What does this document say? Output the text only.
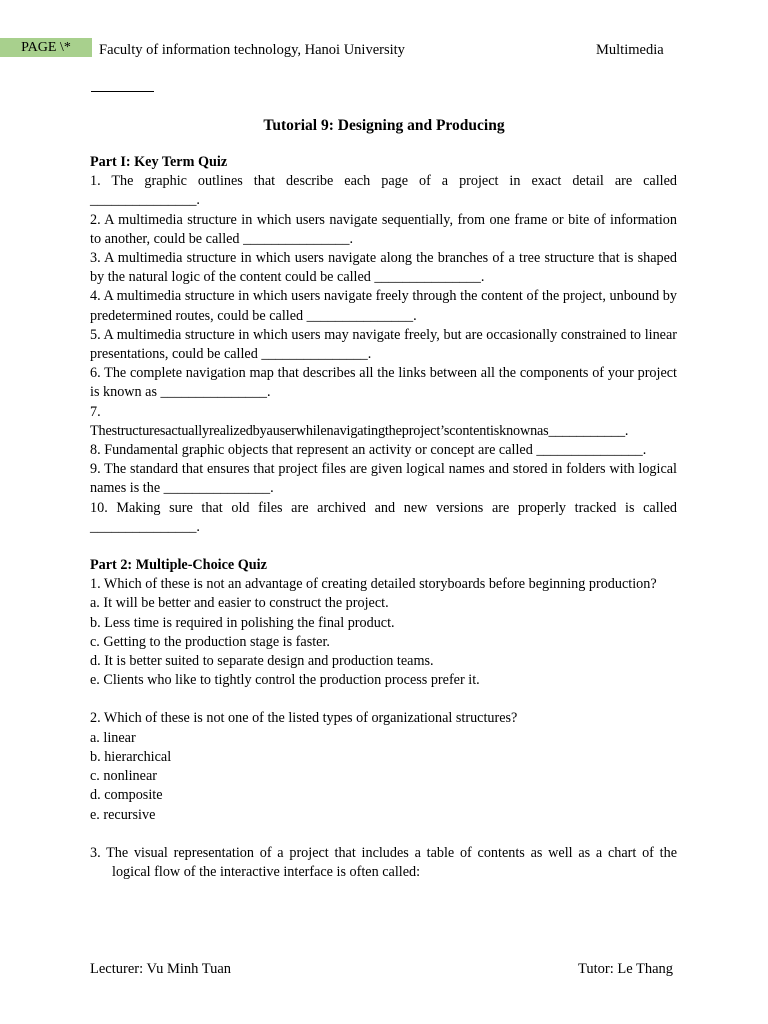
PAGE \*	Faculty of information technology, Hanoi University	Multimedia
Tutorial 9: Designing and Producing

Part I: Key Term Quiz

1. The graphic outlines that describe each page of a project in exact detail are called _______________.

2. A multimedia structure in which users navigate sequentially, from one frame or bite of information to another, could be called _______________.

3. A multimedia structure in which users navigate along the branches of a tree structure that is shaped by the natural logic of the content could be called _______________.

4. A multimedia structure in which users navigate freely through the content of the project, unbound by predetermined routes, could be called _______________.

5. A multimedia structure in which users may navigate freely, but are occasionally constrained to linear presentations, could be called _______________.

6. The complete navigation map that describes all the links between all the components of your project is known as _______________.

7.

Thestructuresactuallyrealizedbyauserwhilenavigatingtheproject’scontentisknownas___________.

8. Fundamental graphic objects that represent an activity or concept are called _______________.

9. The standard that ensures that project files are given logical names and stored in folders with logical names is the _______________.

10. Making sure that old files are archived and new versions are properly tracked is called _______________.

Part 2: Multiple-Choice Quiz

1. Which of these is not an advantage of creating detailed storyboards before beginning production?

a. It will be better and easier to construct the project.

b. Less time is required in polishing the final product.

c. Getting to the production stage is faster.

d. It is better suited to separate design and production teams.

e. Clients who like to tightly control the production process prefer it.

2. Which of these is not one of the listed types of organizational structures?

a. linear

b. hierarchical

c. nonlinear

d. composite

e. recursive

3. The visual representation of a project that includes a table of contents as well as a chart of the logical flow of the interactive interface is often called:

Lecturer: Vu Minh Tuan	Tutor: Le Thang
